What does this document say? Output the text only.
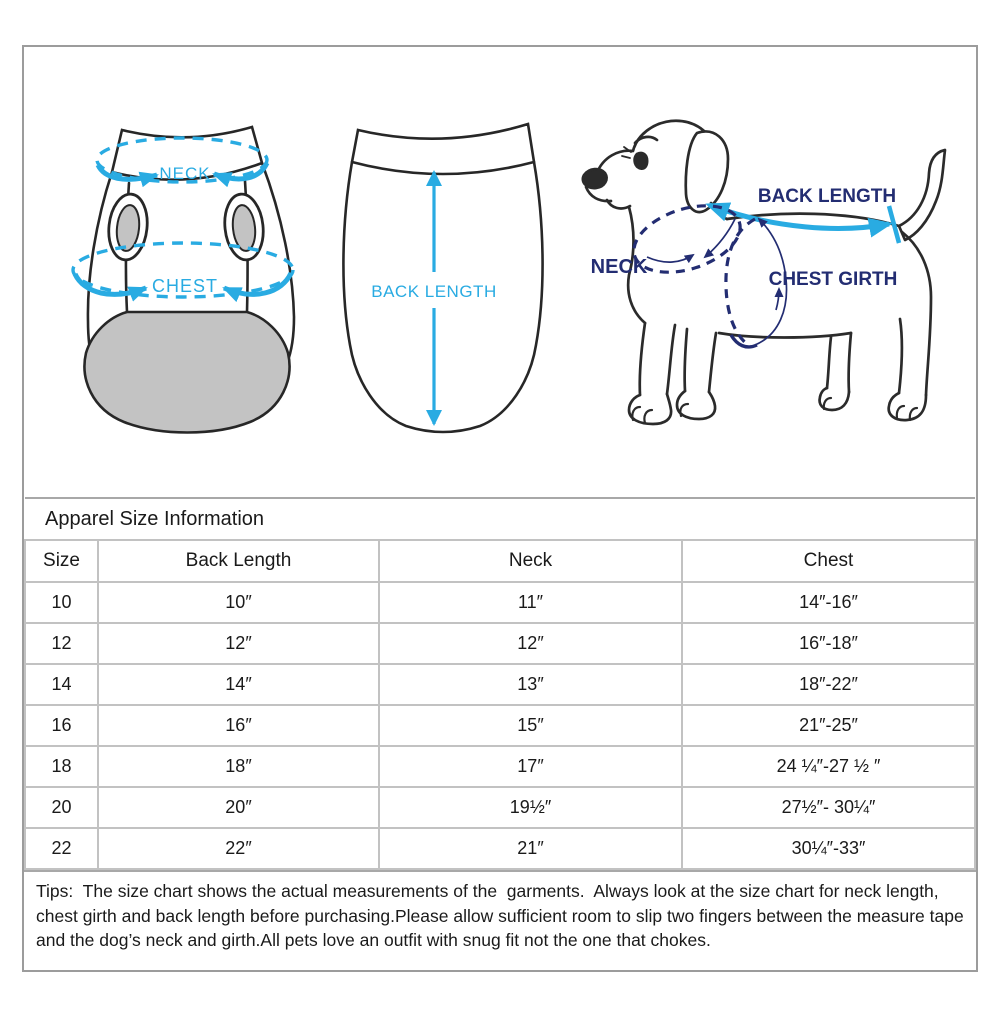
NECK
CHEST	BACK LENGTH
BACK LENGTH
NECK
CHEST GIRTH
Apparel Size Information			
Size	Back Length	Neck	Chest
10	10″	11″	14″-16″
12	12″	12″	16″-18″
14	14″	13″	18″-22″
16	16″	15″	21″-25″
18	18″	17″	24 ¼″-27 ½ ″
20	20″	19½″	27½″- 30¼″
22	22″	21″	30¼″-33″
Tips:  The size chart shows the actual measurements of the  garments.  Always look at the size chart for neck length, chest girth and back length before purchasing.Please allow sufficient room to slip two fingers between the measure tape and the dog’s neck and girth.All pets love an outfit with snug fit not the one that chokes.
